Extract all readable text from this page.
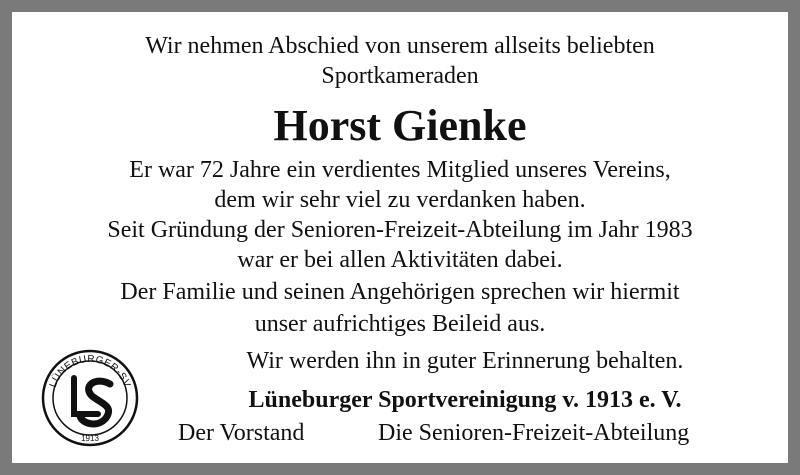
Wir nehmen Abschied von unserem allseits beliebten
Sportkameraden
Horst Gienke
Er war 72 Jahre ein verdientes Mitglied unseres Vereins,
dem wir sehr viel zu verdanken haben.
Seit Gründung der Senioren-Freizeit-Abteilung im Jahr 1983
war er bei allen Aktivitäten dabei.
Der Familie und seinen Angehörigen sprechen wir hiermit
unser aufrichtiges Beileid aus.
Wir werden ihn in guter Erinnerung behalten.
Lüneburger Sportvereinigung v. 1913 e. V.
Der Vorstand	Die Senioren-Freizeit-Abteilung
LÜNEBURGER-SV
1913
